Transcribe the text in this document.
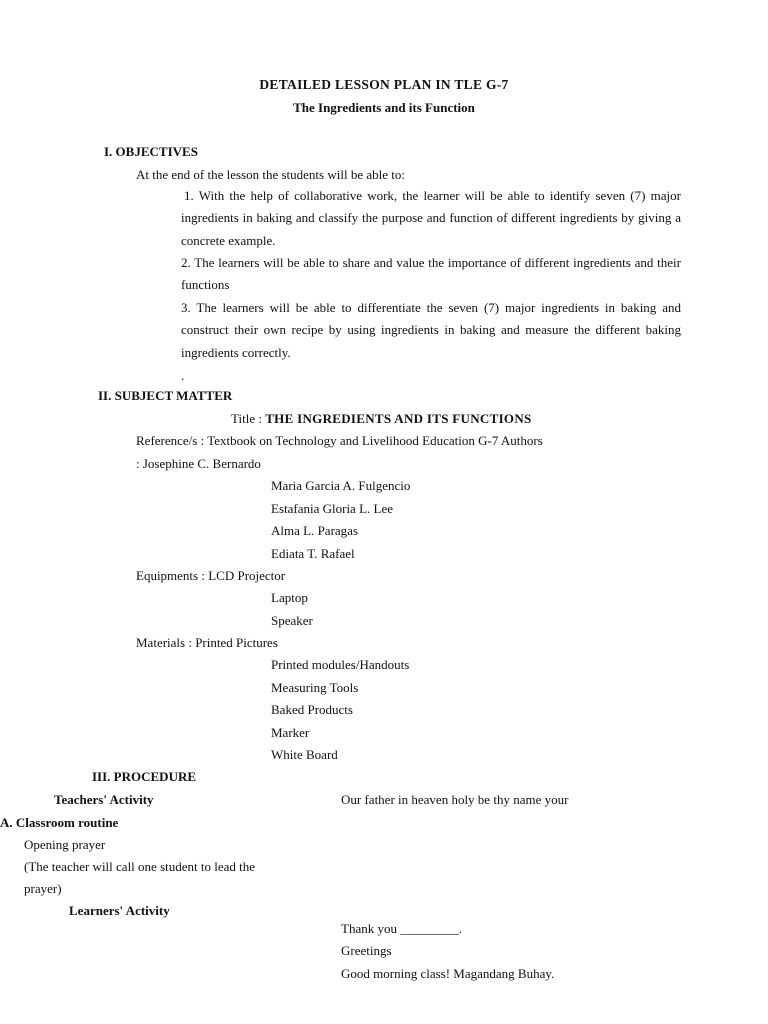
DETAILED LESSON PLAN IN TLE G-7
The Ingredients and its Function
I. OBJECTIVES
At the end of the lesson the students will be able to:
1. With the help of collaborative work, the learner will be able to identify seven (7) major ingredients in baking and classify the purpose and function of different ingredients by giving a concrete example.
2. The learners will be able to share and value the importance of different ingredients and their functions
3. The learners will be able to differentiate the seven (7) major ingredients in baking and construct their own recipe by using ingredients in baking and measure the different baking ingredients correctly.
.
II. SUBJECT MATTER
Title : THE INGREDIENTS AND ITS FUNCTIONS
Reference/s : Textbook on Technology and Livelihood Education G-7 Authors
: Josephine C. Bernardo
Maria Garcia A. Fulgencio
Estafania Gloria L. Lee
Alma L. Paragas
Ediata T. Rafael
Equipments : LCD Projector
Laptop
Speaker
Materials : Printed Pictures
Printed modules/Handouts
Measuring Tools
Baked Products
Marker
White Board
III. PROCEDURE
Teachers' Activity	Our father in heaven holy be thy name your
A. Classroom routine
Opening prayer
(The teacher will call one student to lead the
prayer)
Learners' Activity
Thank you _________.
Greetings
Good morning class! Magandang Buhay.
